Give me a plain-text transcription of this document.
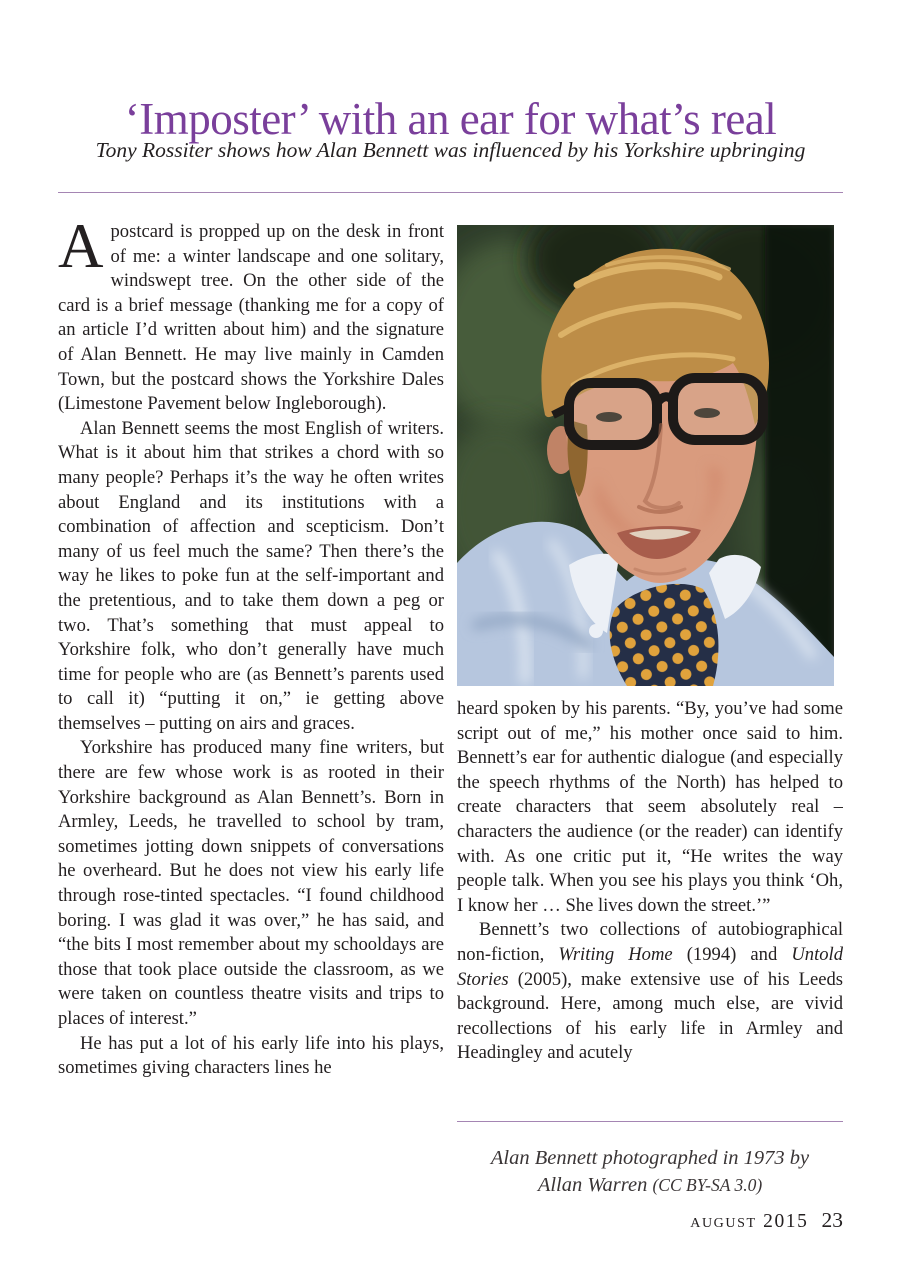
‘Imposter’ with an ear for what’s real
Tony Rossiter shows how Alan Bennett was influenced by his Yorkshire upbringing

Apostcard is propped up on the desk in front of me: a winter landscape and one solitary, windswept tree. On the other side of the card is a brief message (thanking me for a copy of an article I’d written about him) and the signature of Alan Bennett. He may live mainly in Camden Town, but the postcard shows the Yorkshire Dales (Limestone Pavement below Ingleborough).

Alan Bennett seems the most English of writers. What is it about him that strikes a chord with so many people? Perhaps it’s the way he often writes about England and its institutions with a combination of affection and scepticism. Don’t many of us feel much the same? Then there’s the way he likes to poke fun at the self-important and the pretentious, and to take them down a peg or two. That’s something that must appeal to Yorkshire folk, who don’t generally have much time for people who are (as Bennett’s parents used to call it) “putting it on,” ie getting above themselves – putting on airs and graces.

Yorkshire has produced many fine writers, but there are few whose work is as rooted in their Yorkshire background as Alan Bennett’s. Born in Armley, Leeds, he travelled to school by tram, sometimes jotting down snippets of conversations he overheard. But he does not view his early life through rose-tinted spectacles. “I found childhood boring. I was glad it was over,” he has said, and “the bits I most remember about my schooldays are those that took place outside the classroom, as we were taken on countless theatre visits and trips to places of interest.”

He has put a lot of his early life into his plays, sometimes giving characters lines he

heard spoken by his parents. “By, you’ve had some script out of me,” his mother once said to him. Bennett’s ear for authentic dialogue (and especially the speech rhythms of the North) has helped to create characters that seem absolutely real – characters the audience (or the reader) can identify with. As one critic put it, “He writes the way people talk. When you see his plays you think ‘Oh, I know her … She lives down the street.’”

Bennett’s two collections of autobiographical non-fiction, Writing Home (1994) and Untold Stories (2005), make extensive use of his Leeds background. Here, among much else, are vivid recollections of his early life in Armley and Headingley and acutely

Alan Bennett photographed in 1973 by
Allan Warren (CC BY-SA 3.0)
august 2015 23
